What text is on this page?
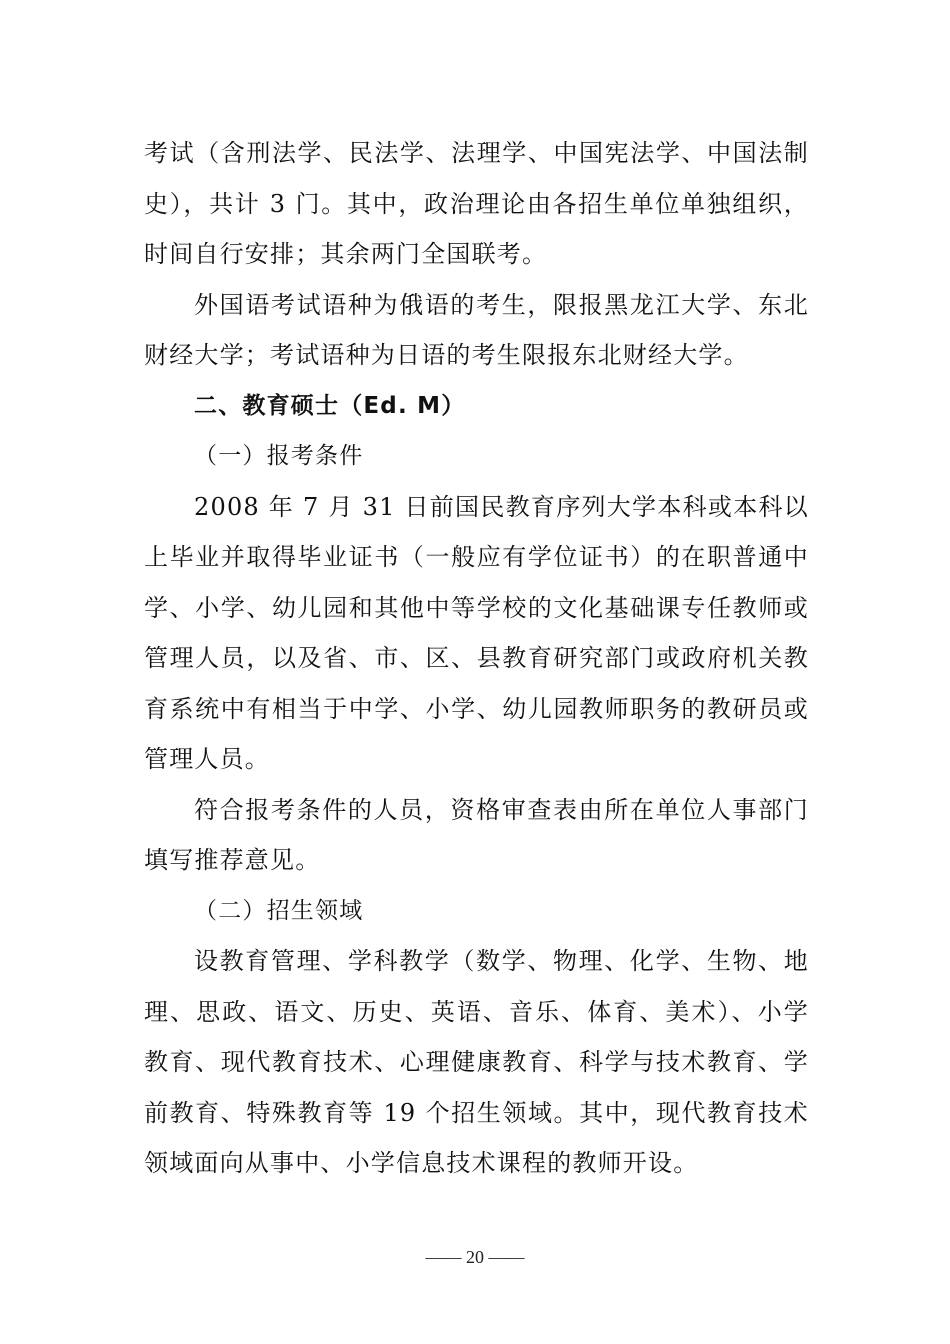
考试（含刑法学、民法学、法理学、中国宪法学、中国法制史），共计 3 门。其中，政治理论由各招生单位单独组织，时间自行安排；其余两门全国联考。

外国语考试语种为俄语的考生，限报黑龙江大学、东北财经大学；考试语种为日语的考生限报东北财经大学。

二、教育硕士（Ed. M）

（一）报考条件

2008 年 7 月 31 日前国民教育序列大学本科或本科以上毕业并取得毕业证书（一般应有学位证书）的在职普通中学、小学、幼儿园和其他中等学校的文化基础课专任教师或管理人员，以及省、市、区、县教育研究部门或政府机关教育系统中有相当于中学、小学、幼儿园教师职务的教研员或管理人员。

符合报考条件的人员，资格审查表由所在单位人事部门填写推荐意见。

（二）招生领域

设教育管理、学科教学（数学、物理、化学、生物、地理、思政、语文、历史、英语、音乐、体育、美术）、小学教育、现代教育技术、心理健康教育、科学与技术教育、学前教育、特殊教育等 19 个招生领域。其中，现代教育技术领域面向从事中、小学信息技术课程的教师开设。

—— 20 ——
